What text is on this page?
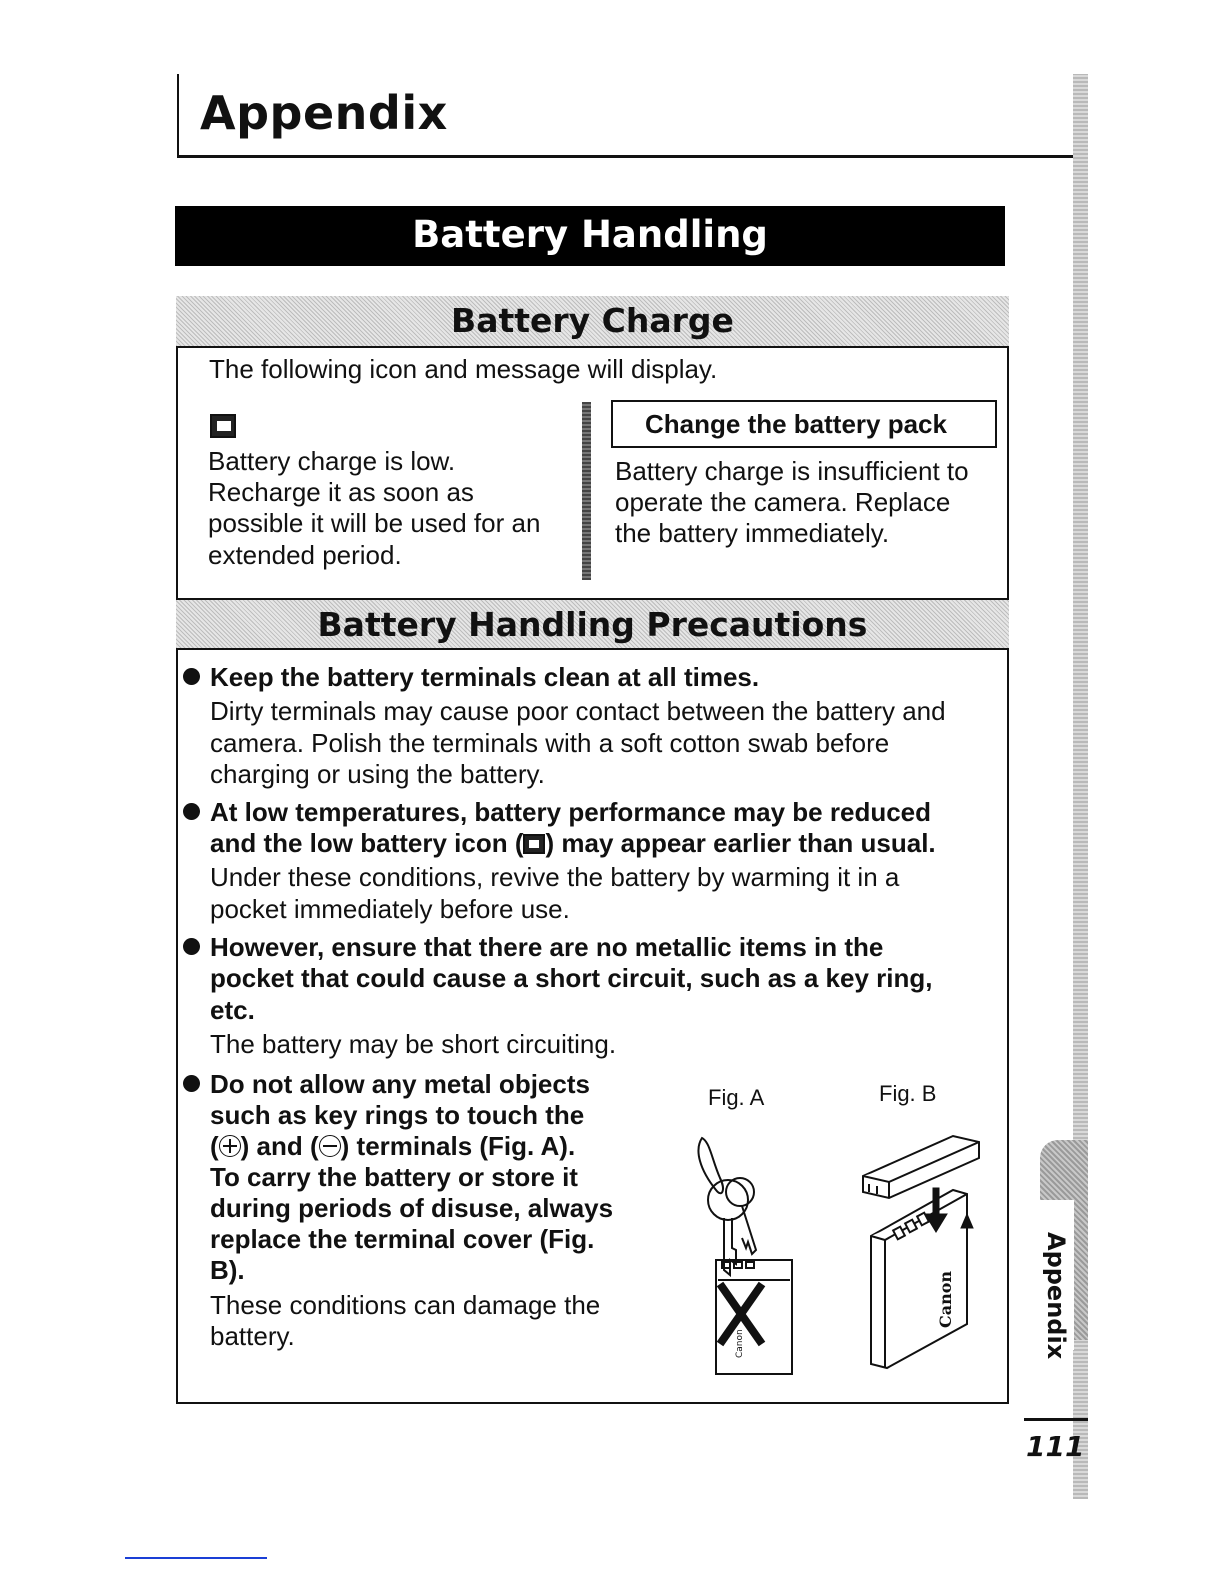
Appendix
Appendix
Battery Handling
Battery Charge
The following icon and message will display.
Battery charge is low.
Recharge it as soon as
possible it will be used for an
extended period.
Change the battery pack
Battery charge is insufficient to
operate the camera. Replace
the battery immediately.
Battery Handling Precautions
Keep the battery terminals clean at all times.
Dirty terminals may cause poor contact between the battery and
camera. Polish the terminals with a soft cotton swab before
charging or using the battery.
At low temperatures, battery performance may be reduced
and the low battery icon ( ) may appear earlier than usual.
Under these conditions, revive the battery by warming it in a
pocket immediately before use.
However, ensure that there are no metallic items in the
pocket that could cause a short circuit, such as a key ring,
etc.
The battery may be short circuiting.
Do not allow any metal objects
such as key rings to touch the
( ) and ( ) terminals (Fig. A).
To carry the battery or store it
during periods of disuse, always
replace the terminal cover (Fig.
B).
These conditions can damage the
battery.
Fig. A	Fig. B
Canon
Canon
111
